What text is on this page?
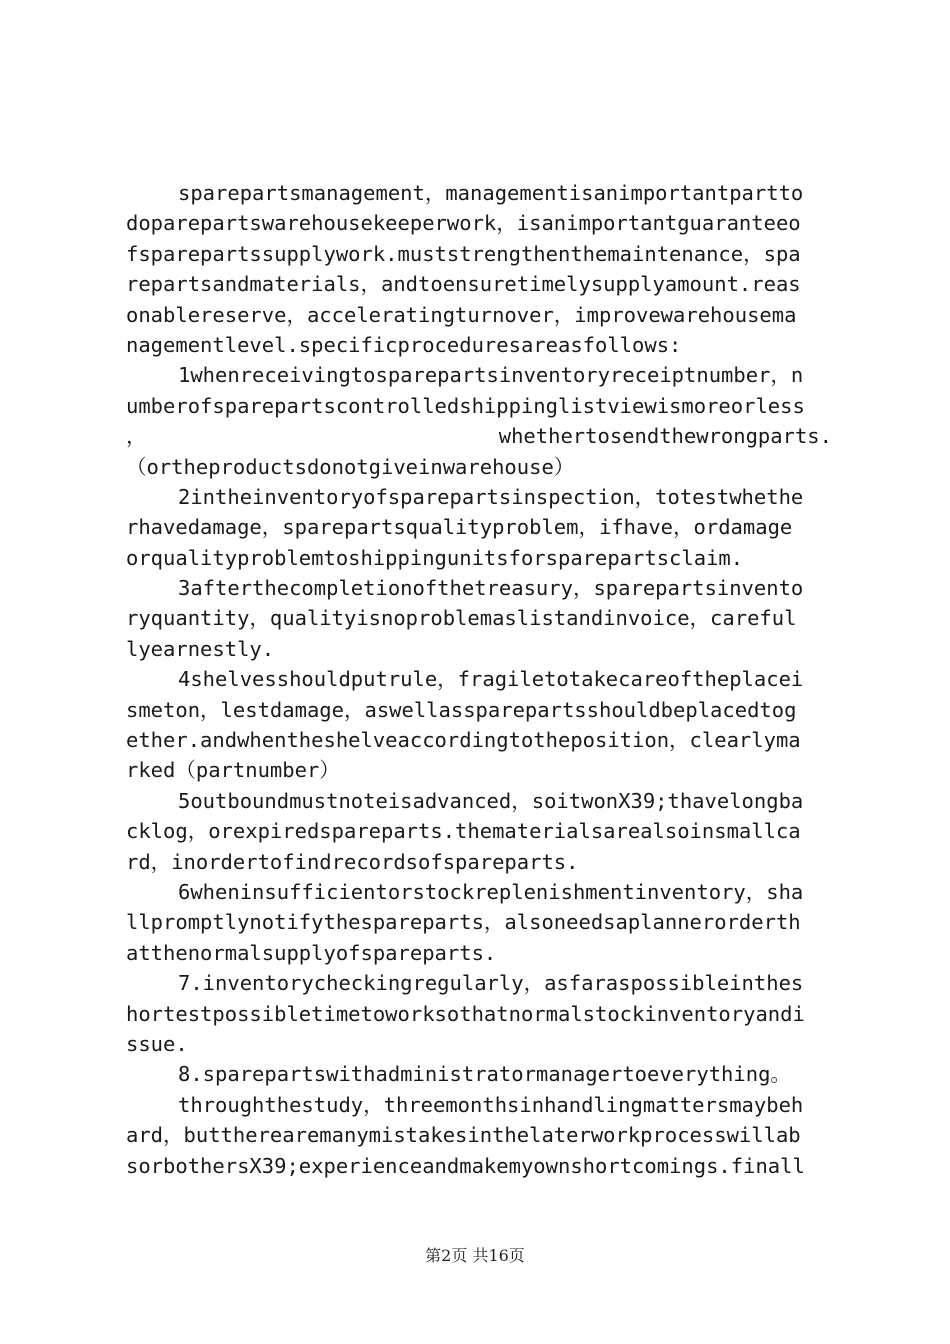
sparepartsmanagement，managementisanimportantpartto
doparepartswarehousekeeperwork，isanimportantguaranteeo
fsparepartssupplywork.muststrengthenthemaintenance，spa
repartsandmaterials，andtoensuretimelysupplyamount.reas
onablereserve，acceleratingturnover，improvewarehousema
nagementlevel.specificproceduresareasfollows:
1whenreceivingtosparepartsinventoryreceiptnumber，n
umberofsparepartscontrolledshippinglistviewismoreorless
，	whethertosendthewrongparts.
（ortheproductsdonotgiveinwarehouse）
2intheinventoryofsparepartsinspection，totestwhethe
rhavedamage，sparepartsqualityproblem，ifhave，ordamage
orqualityproblemtoshippingunitsforsparepartsclaim.
3afterthecompletionofthetreasury，sparepartsinvento
ryquantity，qualityisnoproblemaslistandinvoice，careful
lyearnestly.
4shelvesshouldputrule，fragiletotakecareoftheplacei
smeton，lestdamage，aswellassparepartsshouldbeplacedtog
ether.andwhentheshelveaccordingtotheposition，clearlyma
rked（partnumber）
5outboundmustnoteisadvanced，soitwonX39;thavelongba
cklog，orexpiredspareparts.thematerialsarealsoinsmallca
rd，inordertofindrecordsofspareparts.
6wheninsufficientorstockreplenishmentinventory，sha
llpromptlynotifythespareparts，alsoneedsaplannerorderth
atthenormalsupplyofspareparts.
7.inventorycheckingregularly，asfaraspossibleinthes
hortestpossibletimetoworksothatnormalstockinventoryandi
ssue.
8.sparepartswithadministratormanagertoeverything。
throughthestudy，threemonthsinhandlingmattersmaybeh
ard，buttherearemanymistakesinthelaterworkprocesswillab
sorbothersX39;experienceandmakemyownshortcomings.finall
第2页 共16页
